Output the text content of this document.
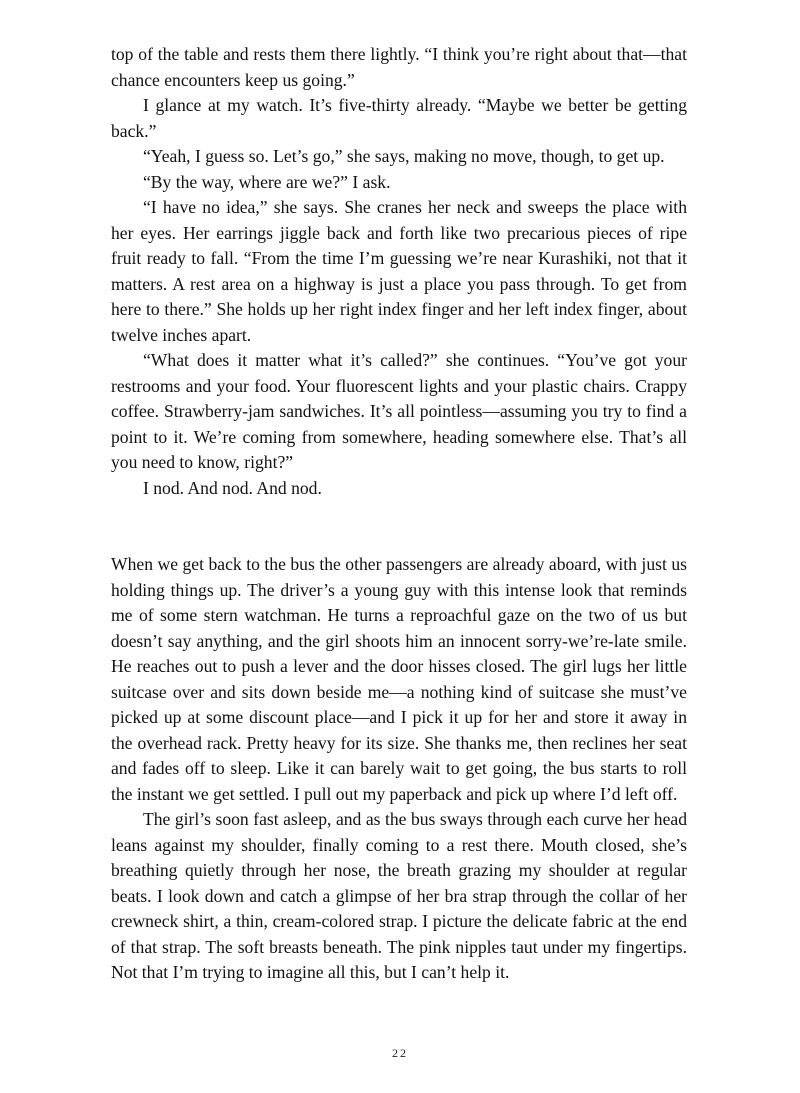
top of the table and rests them there lightly. “I think you’re right about that—that chance encounters keep us going.”

I glance at my watch. It’s five-thirty already. “Maybe we better be getting back.”

“Yeah, I guess so. Let’s go,” she says, making no move, though, to get up.

“By the way, where are we?” I ask.

“I have no idea,” she says. She cranes her neck and sweeps the place with her eyes. Her earrings jiggle back and forth like two precarious pieces of ripe fruit ready to fall. “From the time I’m guessing we’re near Kurashiki, not that it matters. A rest area on a highway is just a place you pass through. To get from here to there.” She holds up her right index finger and her left index finger, about twelve inches apart.

“What does it matter what it’s called?” she continues. “You’ve got your restrooms and your food. Your fluorescent lights and your plastic chairs. Crappy coffee. Strawberry-jam sandwiches. It’s all pointless—assuming you try to find a point to it. We’re coming from somewhere, heading somewhere else. That’s all you need to know, right?”

I nod. And nod. And nod.

When we get back to the bus the other passengers are already aboard, with just us holding things up. The driver’s a young guy with this intense look that reminds me of some stern watchman. He turns a reproachful gaze on the two of us but doesn’t say anything, and the girl shoots him an innocent sorry-we’re-late smile. He reaches out to push a lever and the door hisses closed. The girl lugs her little suitcase over and sits down beside me—a nothing kind of suitcase she must’ve picked up at some discount place—and I pick it up for her and store it away in the overhead rack. Pretty heavy for its size. She thanks me, then reclines her seat and fades off to sleep. Like it can barely wait to get going, the bus starts to roll the instant we get settled. I pull out my paperback and pick up where I’d left off.

The girl’s soon fast asleep, and as the bus sways through each curve her head leans against my shoulder, finally coming to a rest there. Mouth closed, she’s breathing quietly through her nose, the breath grazing my shoulder at regular beats. I look down and catch a glimpse of her bra strap through the collar of her crewneck shirt, a thin, cream-colored strap. I picture the delicate fabric at the end of that strap. The soft breasts beneath. The pink nipples taut under my fingertips. Not that I’m trying to imagine all this, but I can’t help it.

22
